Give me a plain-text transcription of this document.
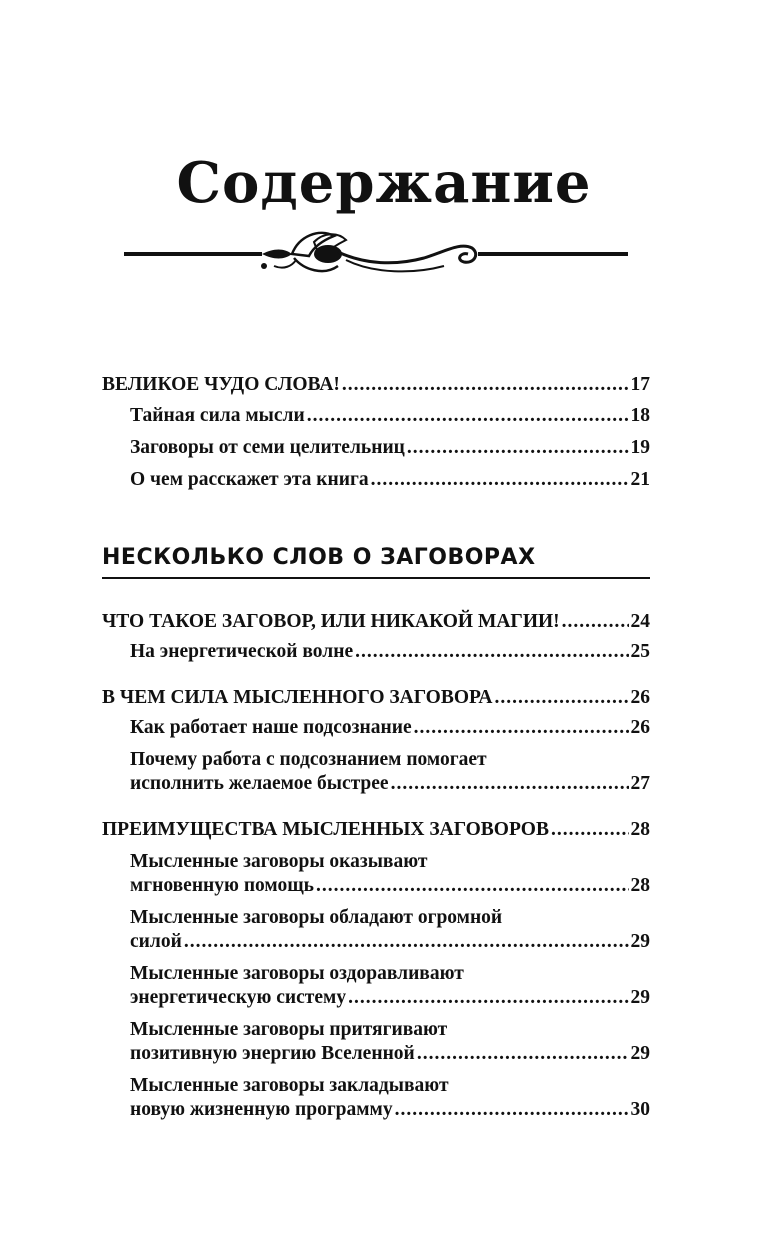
Содержание
ВЕЛИКОЕ ЧУДО СЛОВА! .....	17
Тайная сила мысли .....	18
Заговоры от семи целительниц .....	19
О чем расскажет эта книга .....	21
НЕСКОЛЬКО СЛОВ О ЗАГОВОРАХ
ЧТО ТАКОЕ ЗАГОВОР, ИЛИ НИКАКОЙ МАГИИ! .....	24
На энергетической волне .....	25
В ЧЕМ СИЛА МЫСЛЕННОГО ЗАГОВОРА .....	26
Как работает наше подсознание .....	26
Почему работа с подсознанием помогает
исполнить желаемое быстрее .....	27
ПРЕИМУЩЕСТВА МЫСЛЕННЫХ ЗАГОВОРОВ .....	28
Мысленные заговоры оказывают
мгновенную помощь .....	28
Мысленные заговоры обладают огромной
силой .....	29
Мысленные заговоры оздоравливают
энергетическую систему .....	29
Мысленные заговоры притягивают
позитивную энергию Вселенной .....	29
Мысленные заговоры закладывают
новую жизненную программу .....	30
